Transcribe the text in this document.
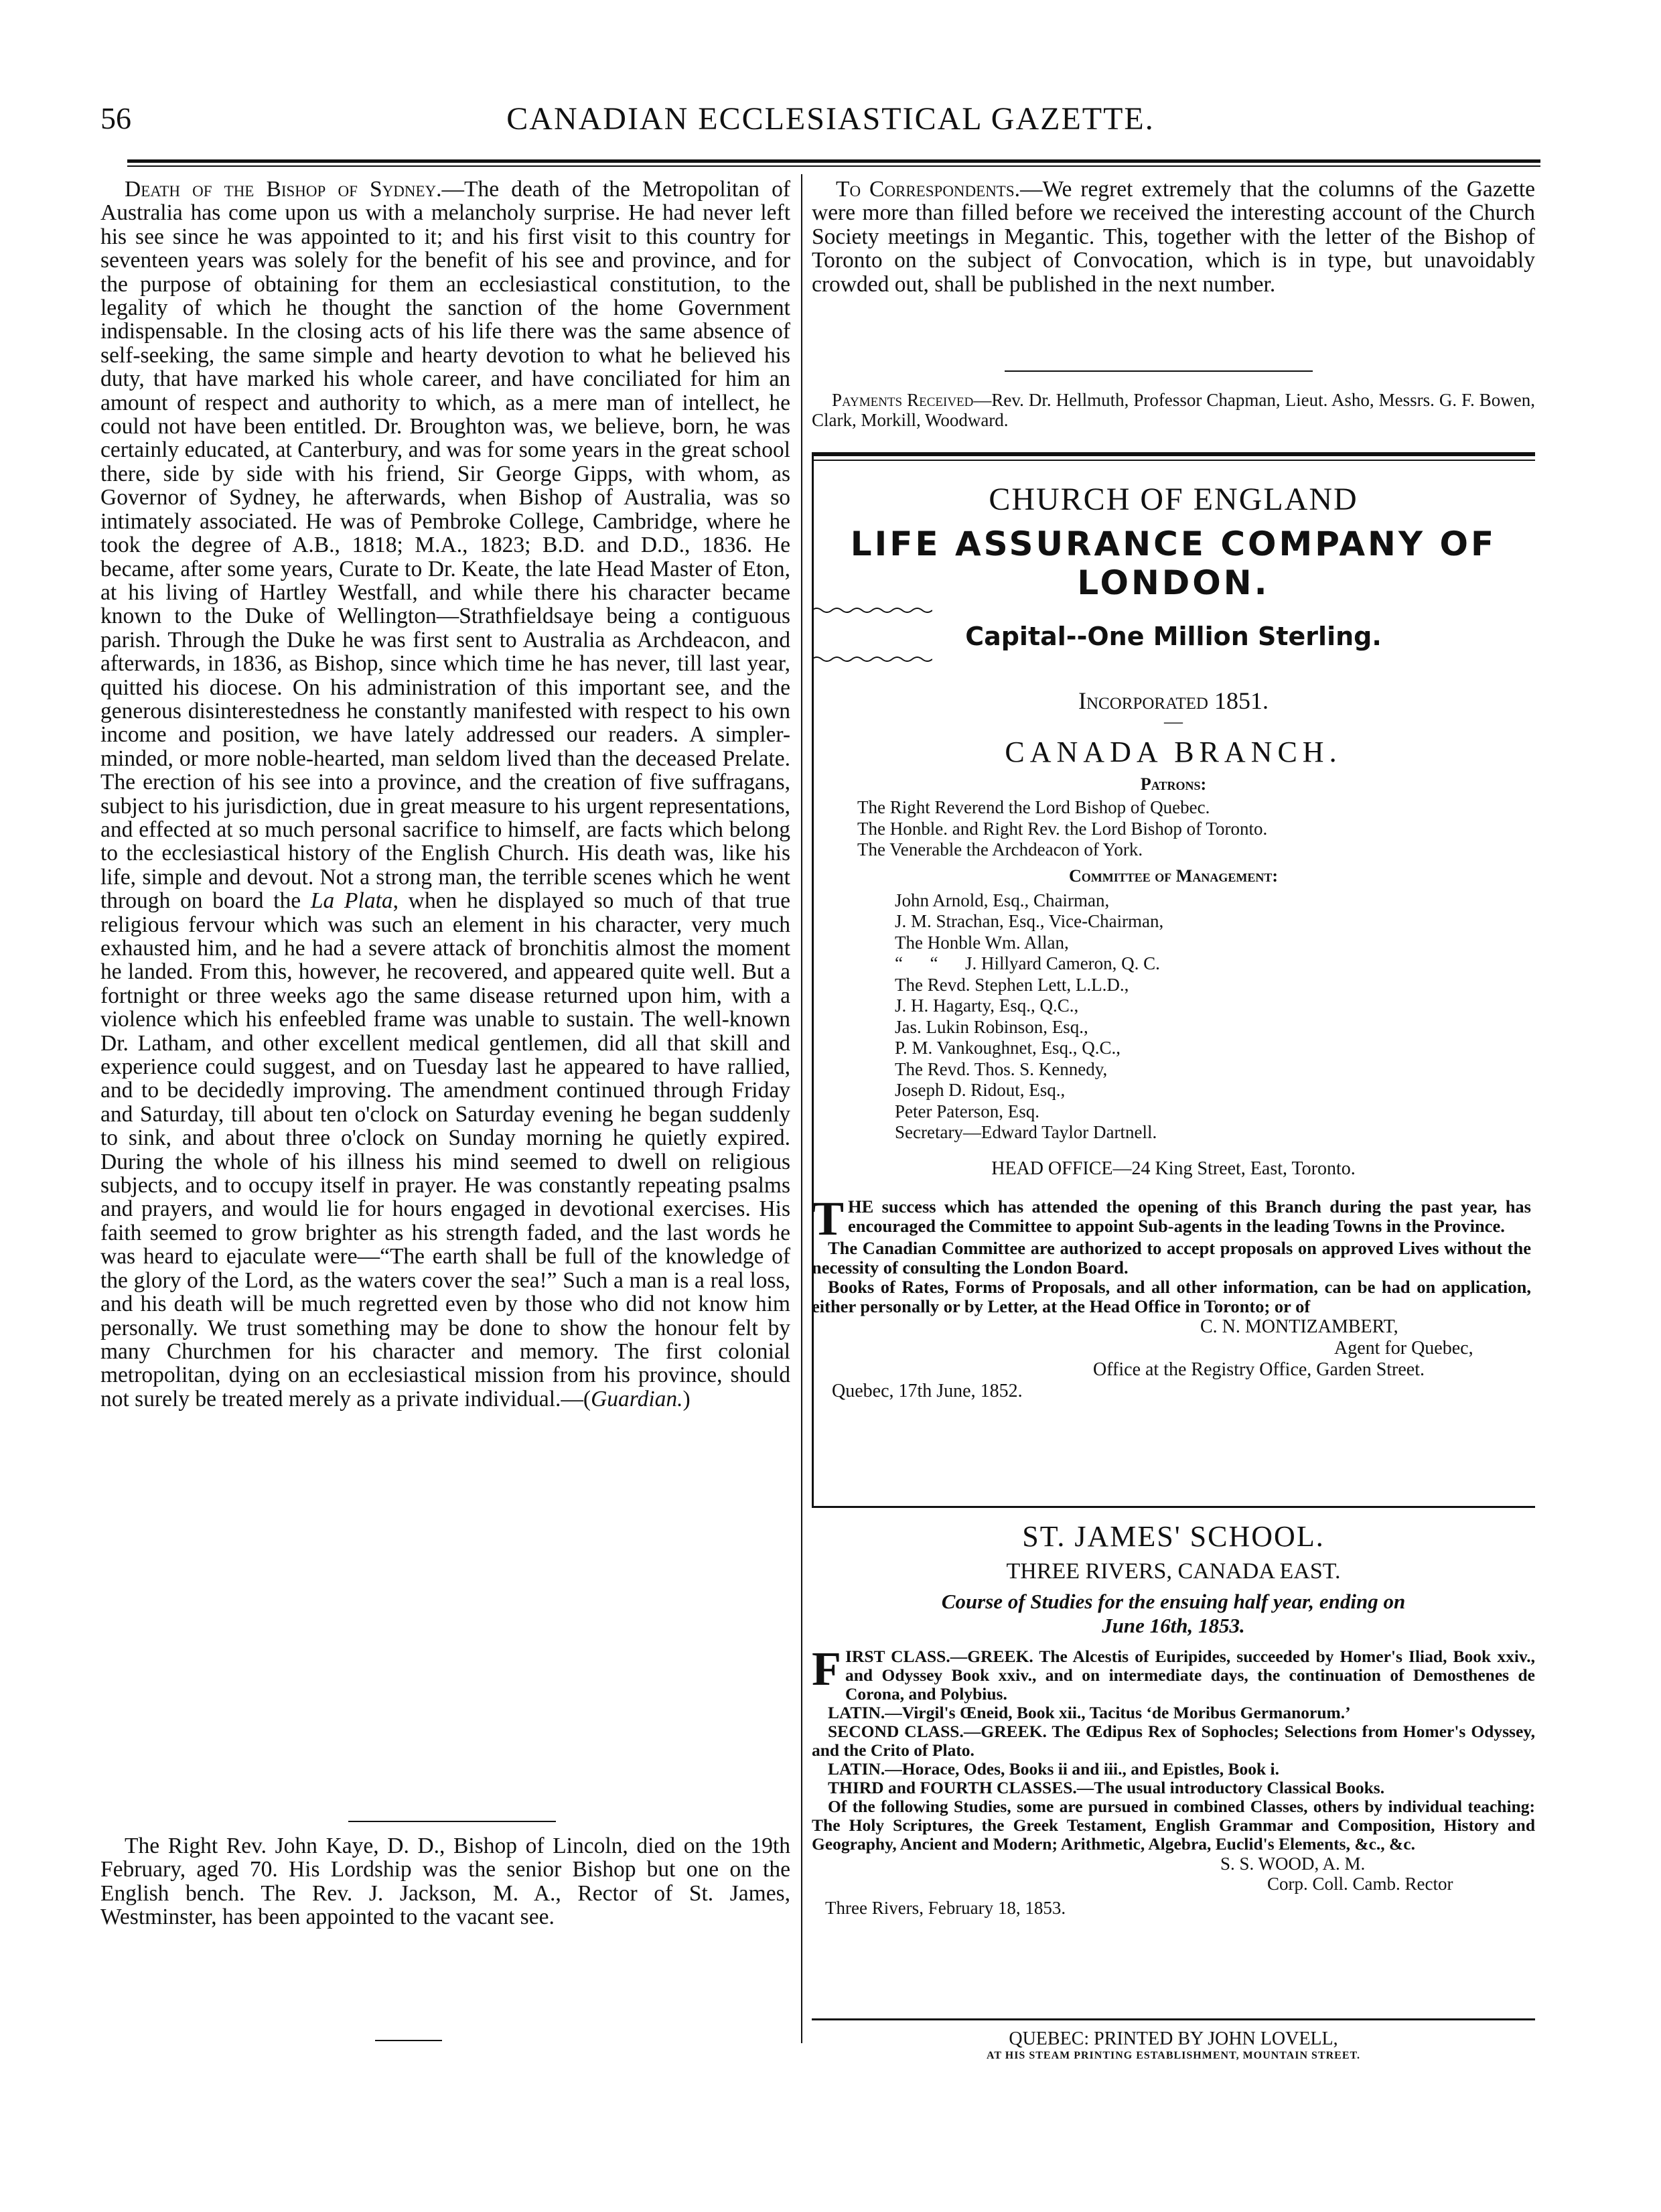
56	CANADIAN ECCLESIASTICAL GAZETTE.

Death of the Bishop of Sydney.—The death of the Metropolitan of Australia has come upon us with a melancholy surprise. He had never left his see since he was appointed to it; and his first visit to this country for seventeen years was solely for the benefit of his see and province, and for the purpose of obtaining for them an ecclesiastical constitution, to the legality of which he thought the sanction of the home Government indispensable. In the closing acts of his life there was the same absence of self-seeking, the same simple and hearty devotion to what he believed his duty, that have marked his whole career, and have conciliated for him an amount of respect and authority to which, as a mere man of intellect, he could not have been entitled. Dr. Broughton was, we believe, born, he was certainly educated, at Canterbury, and was for some years in the great school there, side by side with his friend, Sir George Gipps, with whom, as Governor of Sydney, he afterwards, when Bishop of Australia, was so intimately associated. He was of Pembroke College, Cambridge, where he took the degree of A.B., 1818; M.A., 1823; B.D. and D.D., 1836. He became, after some years, Curate to Dr. Keate, the late Head Master of Eton, at his living of Hartley Westfall, and while there his character became known to the Duke of Wellington—Strathfieldsaye being a contiguous parish. Through the Duke he was first sent to Australia as Archdeacon, and afterwards, in 1836, as Bishop, since which time he has never, till last year, quitted his diocese. On his administration of this important see, and the generous disinterestedness he constantly manifested with respect to his own income and position, we have lately addressed our readers. A simpler-minded, or more noble-hearted, man seldom lived than the deceased Prelate. The erection of his see into a province, and the creation of five suffragans, subject to his jurisdiction, due in great measure to his urgent representations, and effected at so much personal sacrifice to himself, are facts which belong to the ecclesiastical history of the English Church. His death was, like his life, simple and devout. Not a strong man, the terrible scenes which he went through on board the La Plata, when he displayed so much of that true religious fervour which was such an element in his character, very much exhausted him, and he had a severe attack of bronchitis almost the moment he landed. From this, however, he recovered, and appeared quite well. But a fortnight or three weeks ago the same disease returned upon him, with a violence which his enfeebled frame was unable to sustain. The well-known Dr. Latham, and other excellent medical gentlemen, did all that skill and experience could suggest, and on Tuesday last he appeared to have rallied, and to be decidedly improving. The amendment continued through Friday and Saturday, till about ten o'clock on Saturday evening he began suddenly to sink, and about three o'clock on Sunday morning he quietly expired. During the whole of his illness his mind seemed to dwell on religious subjects, and to occupy itself in prayer. He was constantly repeating psalms and prayers, and would lie for hours engaged in devotional exercises. His faith seemed to grow brighter as his strength faded, and the last words he was heard to ejaculate were—“The earth shall be full of the knowledge of the glory of the Lord, as the waters cover the sea!” Such a man is a real loss, and his death will be much regretted even by those who did not know him personally. We trust something may be done to show the honour felt by many Churchmen for his character and memory. The first colonial metropolitan, dying on an ecclesiastical mission from his province, should not surely be treated merely as a private individual.—(Guardian.)

The Right Rev. John Kaye, D. D., Bishop of Lincoln, died on the 19th February, aged 70. His Lordship was the senior Bishop but one on the English bench. The Rev. J. Jackson, M. A., Rector of St. James, Westminster, has been appointed to the vacant see.

To Correspondents.—We regret extremely that the columns of the Gazette were more than filled before we received the interesting account of the Church Society meetings in Megantic. This, together with the letter of the Bishop of Toronto on the subject of Convocation, which is in type, but unavoidably crowded out, shall be published in the next number.

Payments Received—Rev. Dr. Hellmuth, Professor Chapman, Lieut. Asho, Messrs. G. F. Bowen, Clark, Morkill, Woodward.

CHURCH OF ENGLAND
LIFE ASSURANCE COMPANY OF LONDON.
Capital--One Million Sterling.
Incorporated 1851.
—
CANADA BRANCH.
Patrons:
The Right Reverend the Lord Bishop of Quebec.
The Honble. and Right Rev. the Lord Bishop of Toronto.
The Venerable the Archdeacon of York.
Committee of Management:
John Arnold, Esq., Chairman,
J. M. Strachan, Esq., Vice-Chairman,
The Honble Wm. Allan,
“      “      J. Hillyard Cameron, Q. C.
The Revd. Stephen Lett, L.L.D.,
J. H. Hagarty, Esq., Q.C.,
Jas. Lukin Robinson, Esq.,
P. M. Vankoughnet, Esq., Q.C.,
The Revd. Thos. S. Kennedy,
Joseph D. Ridout, Esq.,
Peter Paterson, Esq.
Secretary—Edward Taylor Dartnell.
HEAD OFFICE—24 King Street, East, Toronto.

THE success which has attended the opening of this Branch during the past year, has encouraged the Committee to appoint Sub-agents in the leading Towns in the Province.

The Canadian Committee are authorized to accept proposals on approved Lives without the necessity of consulting the London Board.

Books of Rates, Forms of Proposals, and all other information, can be had on application, either personally or by Letter, at the Head Office in Toronto; or of

C. N. MONTIZAMBERT,
Agent for Quebec,
Office at the Registry Office, Garden Street.
Quebec, 17th June, 1852.
ST. JAMES' SCHOOL.
THREE RIVERS, CANADA EAST.
Course of Studies for the ensuing half year, ending on
June 16th, 1853.

FIRST CLASS.—GREEK. The Alcestis of Euripides, succeeded by Homer's Iliad, Book xxiv., and Odyssey Book xxiv., and on intermediate days, the continuation of Demosthenes de Corona, and Polybius.

LATIN.—Virgil's Œneid, Book xii., Tacitus ‘de Moribus Germanorum.’

SECOND CLASS.—GREEK. The Œdipus Rex of Sophocles; Selections from Homer's Odyssey, and the Crito of Plato.

LATIN.—Horace, Odes, Books ii and iii., and Epistles, Book i.

THIRD and FOURTH CLASSES.—The usual introductory Classical Books.

Of the following Studies, some are pursued in combined Classes, others by individual teaching: The Holy Scriptures, the Greek Testament, English Grammar and Composition, History and Geography, Ancient and Modern; Arithmetic, Algebra, Euclid's Elements, &c., &c.

S. S. WOOD, A. M.
Corp. Coll. Camb. Rector
Three Rivers, February 18, 1853.
QUEBEC: PRINTED BY JOHN LOVELL,
AT HIS STEAM PRINTING ESTABLISHMENT, MOUNTAIN STREET.
